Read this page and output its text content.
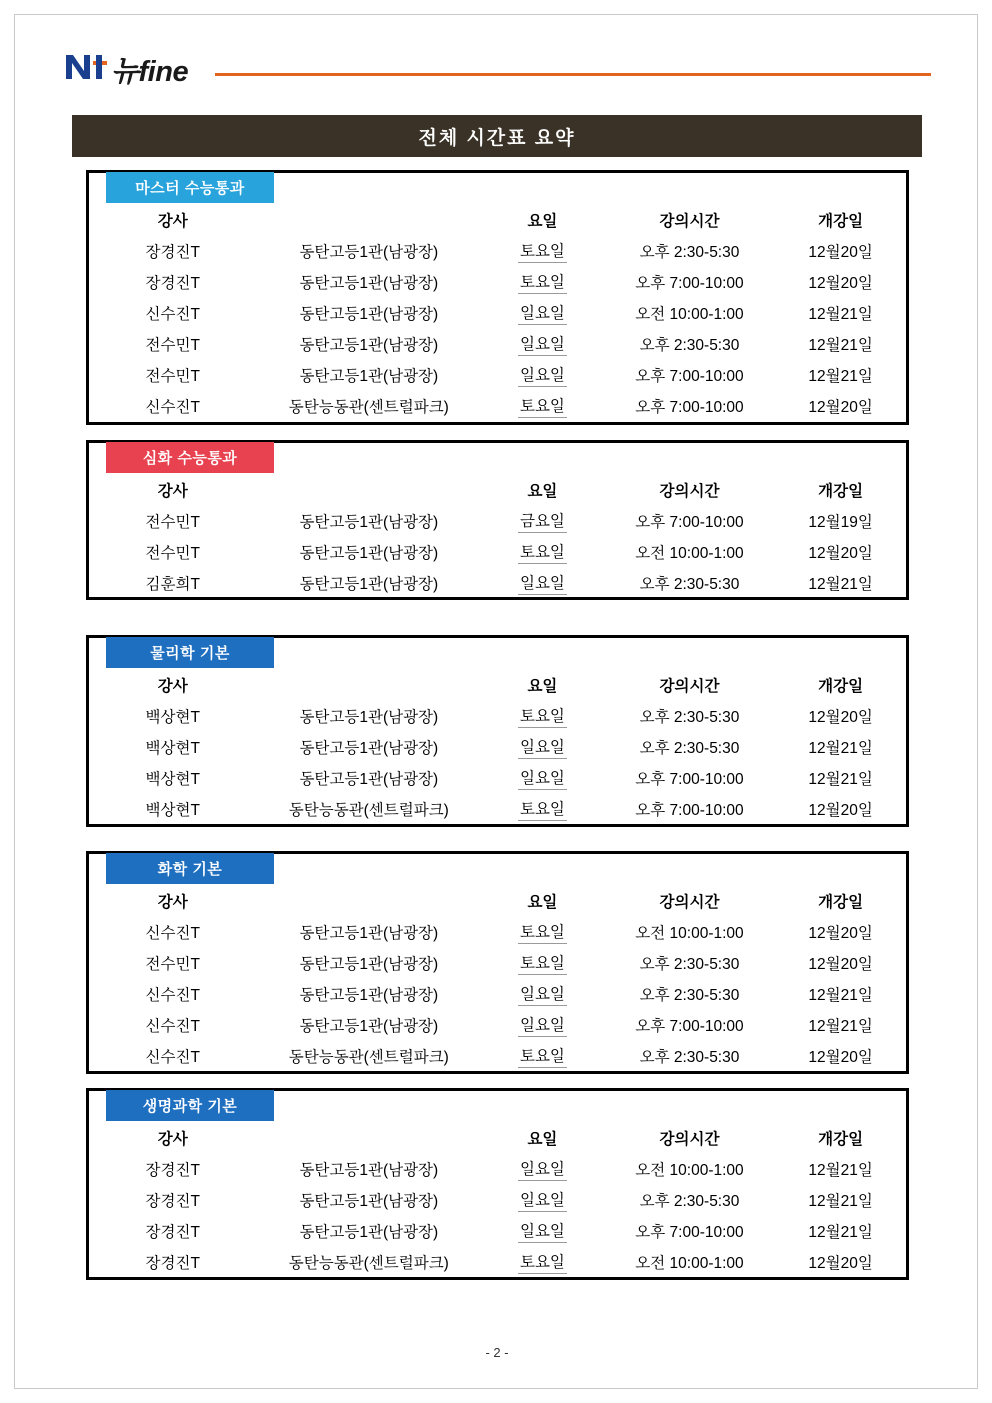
뉴fine
전체 시간표 요약
마스터 수능통과
강사		요일	강의시간	개강일
장경진T	동탄고등1관(남광장)	토요일	오후 2:30-5:30	12월20일
장경진T	동탄고등1관(남광장)	토요일	오후 7:00-10:00	12월20일
신수진T	동탄고등1관(남광장)	일요일	오전 10:00-1:00	12월21일
전수민T	동탄고등1관(남광장)	일요일	오후 2:30-5:30	12월21일
전수민T	동탄고등1관(남광장)	일요일	오후 7:00-10:00	12월21일
신수진T	동탄능동관(센트럴파크)	토요일	오후 7:00-10:00	12월20일
심화 수능통과
강사		요일	강의시간	개강일
전수민T	동탄고등1관(남광장)	금요일	오후 7:00-10:00	12월19일
전수민T	동탄고등1관(남광장)	토요일	오전 10:00-1:00	12월20일
김훈희T	동탄고등1관(남광장)	일요일	오후 2:30-5:30	12월21일
물리학 기본
강사		요일	강의시간	개강일
백상현T	동탄고등1관(남광장)	토요일	오후 2:30-5:30	12월20일
백상현T	동탄고등1관(남광장)	일요일	오후 2:30-5:30	12월21일
백상현T	동탄고등1관(남광장)	일요일	오후 7:00-10:00	12월21일
백상현T	동탄능동관(센트럴파크)	토요일	오후 7:00-10:00	12월20일
화학 기본
강사		요일	강의시간	개강일
신수진T	동탄고등1관(남광장)	토요일	오전 10:00-1:00	12월20일
전수민T	동탄고등1관(남광장)	토요일	오후 2:30-5:30	12월20일
신수진T	동탄고등1관(남광장)	일요일	오후 2:30-5:30	12월21일
신수진T	동탄고등1관(남광장)	일요일	오후 7:00-10:00	12월21일
신수진T	동탄능동관(센트럴파크)	토요일	오후 2:30-5:30	12월20일
생명과학 기본
강사		요일	강의시간	개강일
장경진T	동탄고등1관(남광장)	일요일	오전 10:00-1:00	12월21일
장경진T	동탄고등1관(남광장)	일요일	오후 2:30-5:30	12월21일
장경진T	동탄고등1관(남광장)	일요일	오후 7:00-10:00	12월21일
장경진T	동탄능동관(센트럴파크)	토요일	오전 10:00-1:00	12월20일
- 2 -
